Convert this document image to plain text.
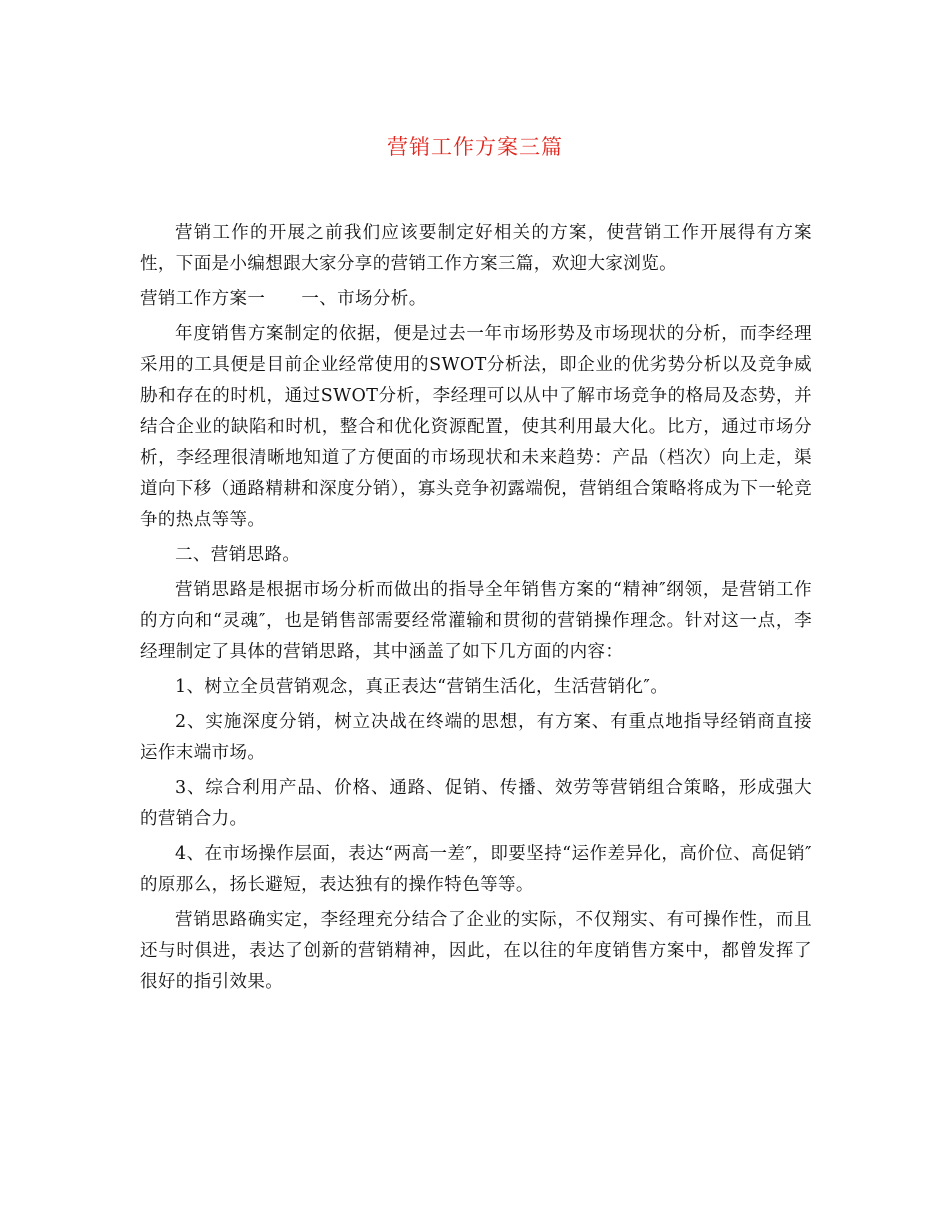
营销工作方案三篇

营销工作的开展之前我们应该要制定好相关的方案，使营销工作开展得有方案性，下面是小编想跟大家分享的营销工作方案三篇，欢迎大家浏览。

营销工作方案一 一、市场分析。

年度销售方案制定的依据，便是过去一年市场形势及市场现状的分析，而李经理采用的工具便是目前企业经常使用的SWOT分析法，即企业的优劣势分析以及竞争威胁和存在的时机，通过SWOT分析，李经理可以从中了解市场竞争的格局及态势，并结合企业的缺陷和时机，整合和优化资源配置，使其利用最大化。比方，通过市场分析，李经理很清晰地知道了方便面的市场现状和未来趋势：产品（档次）向上走，渠道向下移（通路精耕和深度分销），寡头竞争初露端倪，营销组合策略将成为下一轮竞争的热点等等。

二、营销思路。

营销思路是根据市场分析而做出的指导全年销售方案的“精神″纲领，是营销工作的方向和“灵魂″，也是销售部需要经常灌输和贯彻的营销操作理念。针对这一点，李经理制定了具体的营销思路，其中涵盖了如下几方面的内容：

1、树立全员营销观念，真正表达“营销生活化，生活营销化″。

2、实施深度分销，树立决战在终端的思想，有方案、有重点地指导经销商直接运作末端市场。

3、综合利用产品、价格、通路、促销、传播、效劳等营销组合策略，形成强大的营销合力。

4、在市场操作层面，表达“两高一差″，即要坚持“运作差异化，高价位、高促销″的原那么，扬长避短，表达独有的操作特色等等。

营销思路确实定，李经理充分结合了企业的实际，不仅翔实、有可操作性，而且还与时俱进，表达了创新的营销精神，因此，在以往的年度销售方案中，都曾发挥了很好的指引效果。
